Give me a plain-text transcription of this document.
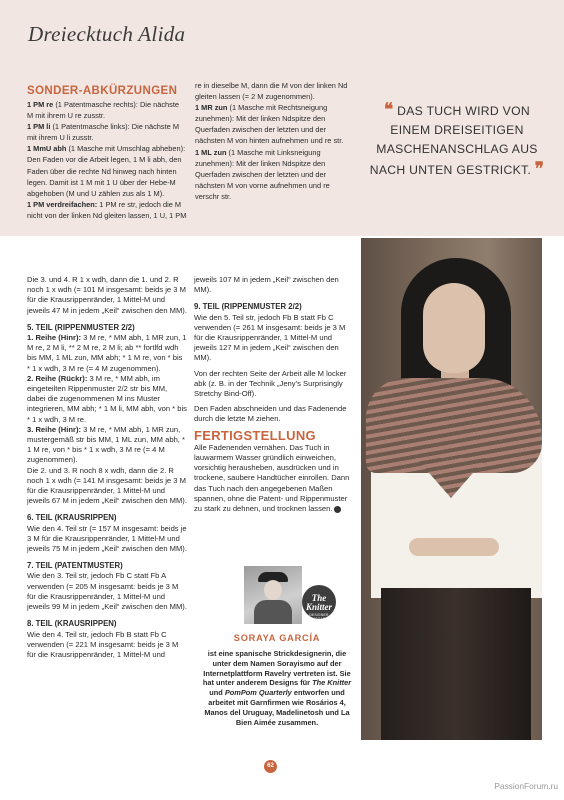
Dreiecktuch Alida
SONDER-ABKÜRZUNGEN

1 PM re (1 Patentmasche rechts): Die nächste M mit ihrem U re zusstr.

1 PM li (1 Patentmasche links): Die nächste M mit ihrem U li zusstr.

1 MmU abh (1 Masche mit Umschlag abheben): Den Faden vor die Arbeit legen, 1 M li abh, den Faden über die rechte Nd hinweg nach hinten legen. Damit ist 1 M mit 1 U über der Hebe-M abgehoben (M und U zählen zus als 1 M).

1 PM verdreifachen: 1 PM re str, jedoch die M nicht von der linken Nd gleiten lassen, 1 U, 1 PM

re in dieselbe M, dann die M von der linken Nd gleiten lassen (= 2 M zugenommen).

1 MR zun (1 Masche mit Rechtsneigung zunehmen): Mit der linken Ndspitze den Querfaden zwischen der letzten und der nächsten M von hinten aufnehmen und re str.

1 ML zun (1 Masche mit Linksneigung zunehmen): Mit der linken Ndspitze den Querfaden zwischen der letzten und der nächsten M von vorne aufnehmen und re verschr str.

❝ DAS TUCH WIRD VON EINEM DREISEITIGEN MASCHENANSCHLAG AUS NACH UNTEN GESTRICKT. ❞

Die 3. und 4. R 1 x wdh, dann die 1. und 2. R noch 1 x wdh (= 101 M insgesamt: beids je 3 M für die Krausrippenränder, 1 Mittel-M und jeweils 47 M in jedem „Keil“ zwischen den MM).

5. TEIL (RIPPENMUSTER 2/2)

1. Reihe (Hinr): 3 M re, * MM abh, 1 MR zun, 1 M re, 2 M li, ** 2 M re, 2 M li; ab ** fortlfd wdh bis MM, 1 ML zun, MM abh; * 1 M re, von * bis * 1 x wdh, 3 M re (= 4 M zugenommen).

2. Reihe (Rückr): 3 M re, * MM abh, im eingeteilten Rippenmuster 2/2 str bis MM, dabei die zugenommenen M ins Muster integrieren, MM abh; * 1 M li, MM abh, von * bis * 1 x wdh, 3 M re.

3. Reihe (Hinr): 3 M re, * MM abh, 1 MR zun, mustergemäß str bis MM, 1 ML zun, MM abh, * 1 M re, von * bis * 1 x wdh, 3 M re (= 4 M zugenommen).

Die 2. und 3. R noch 8 x wdh, dann die 2. R noch 1 x wdh (= 141 M insgesamt: beids je 3 M für die Krausrippenränder, 1 Mittel-M und jeweils 67 M in jedem „Keil“ zwischen den MM).

6. TEIL (KRAUSRIPPEN)

Wie den 4. Teil str (= 157 M insgesamt: beids je 3 M für die Krausrippenränder, 1 Mittel-M und jeweils 75 M in jedem „Keil“ zwischen den MM).

7. TEIL (PATENTMUSTER)

Wie den 3. Teil str, jedoch Fb C statt Fb A verwenden (= 205 M insgesamt: beids je 3 M für die Krausrippenränder, 1 Mittel-M und jeweils 99 M in jedem „Keil“ zwischen den MM).

8. TEIL (KRAUSRIPPEN)

Wie den 4. Teil str, jedoch Fb B statt Fb C verwenden (= 221 M insgesamt: beids je 3 M für die Krausrippenränder, 1 Mittel-M und

jeweils 107 M in jedem „Keil“ zwischen den MM).

9. TEIL (RIPPENMUSTER 2/2)

Wie den 5. Teil str, jedoch Fb B statt Fb C verwenden (= 261 M insgesamt: beids je 3 M für die Krausrippenränder, 1 Mittel-M und jeweils 127 M in jedem „Keil“ zwischen den MM).

Von der rechten Seite der Arbeit alle M locker abk (z. B. in der Technik „Jeny’s Surprisingly Stretchy Bind-Off).

Den Faden abschneiden und das Fadenende durch die letzte M ziehen.

FERTIGSTELLUNG

Alle Fadenenden vernähen. Das Tuch in lauwarmem Wasser gründlich einweichen, vorsichtig herausheben, ausdrücken und in trockene, saubere Handtücher einrollen. Dann das Tuch nach den angegebenen Maßen spannen, ohne die Patent- und Rippenmuster zu stark zu dehnen, und trocknen lassen.

The Knitter
DESIGNER AUSGABE
SORAYA GARCÍA
ist eine spanische Strickdesignerin, die unter dem Namen Sorayismo auf der Internetplattform Ravelry vertreten ist. Sie hat unter anderem Designs für The Knitter und PomPom Quarterly entworfen und arbeitet mit Garnfirmen wie Rosários 4, Manos del Uruguay, Madelinetosh und La Bien Aimée zusammen.
62
PassionForum.ru
